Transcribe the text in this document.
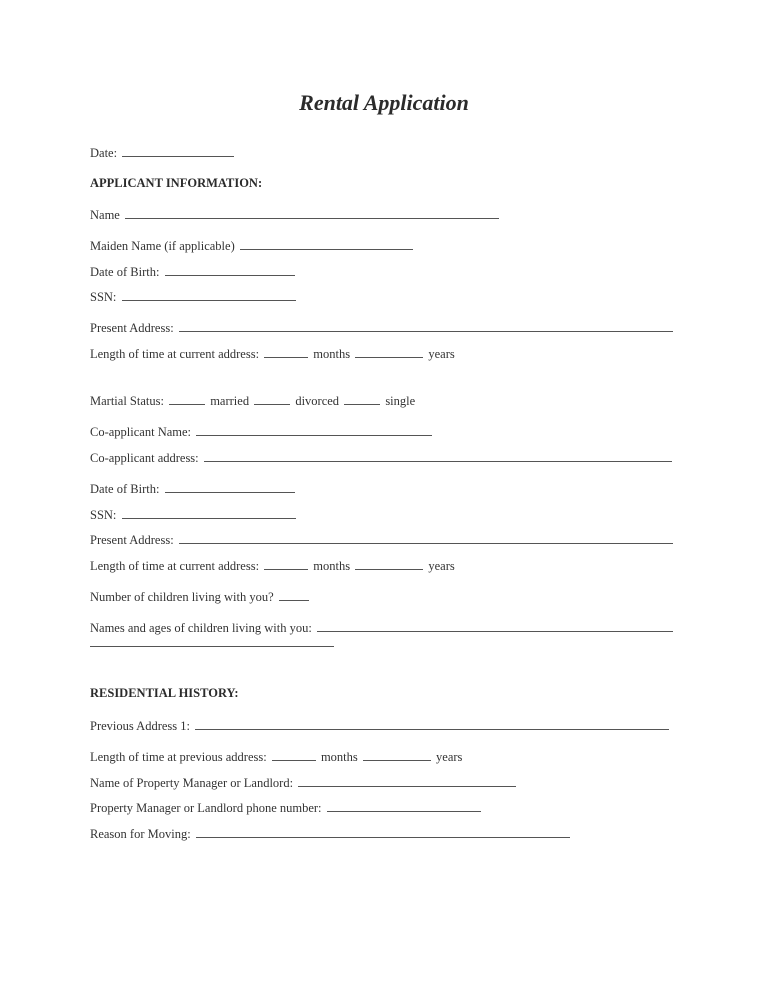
Rental Application
Date:
APPLICANT INFORMATION:
Name
Maiden Name (if applicable)
Date of Birth:
SSN:
Present Address:
Length of time at current address:	months	years
Martial Status:	married	divorced	single
Co-applicant Name:
Co-applicant address:
Date of Birth:
SSN:
Present Address:
Length of time at current address:	months	years
Number of children living with you?
Names and ages of children living with you:
RESIDENTIAL HISTORY:
Previous Address 1:
Length of time at previous address:	months	years
Name of Property Manager or Landlord:
Property Manager or Landlord phone number:
Reason for Moving:
